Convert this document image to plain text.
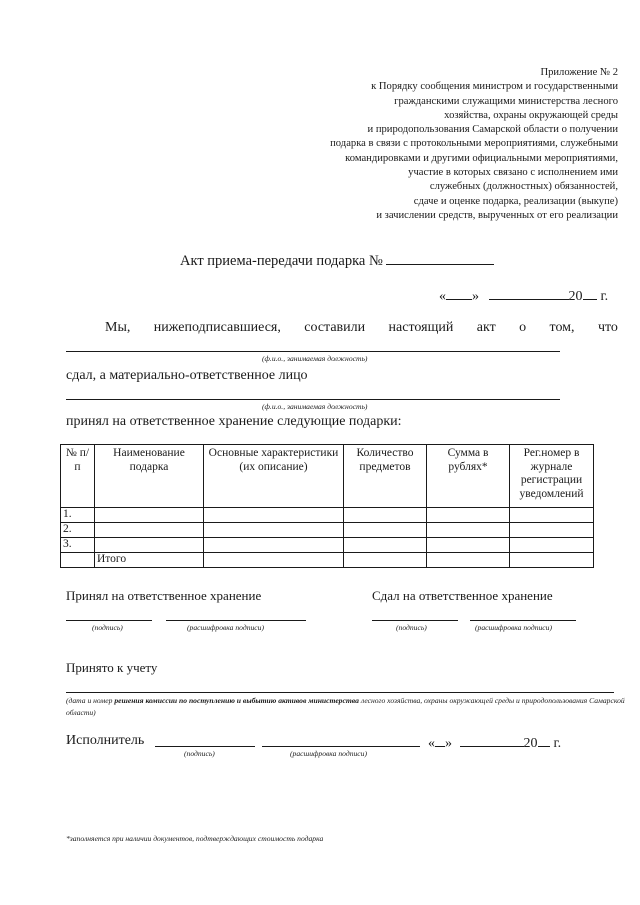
Приложение № 2
к Порядку сообщения министром и государственными
гражданскими служащими министерства лесного
хозяйства, охраны окружающей среды
и природопользования Самарской области о получении
подарка в связи с протокольными мероприятиями, служебными
командировками и другими официальными мероприятиями,
участие в которых связано с исполнением ими
служебных (должностных) обязанностей,
сдаче и оценке подарка, реализации (выкупе)
и зачислении средств, вырученных от его реализации
Акт приема-передачи подарка №
« »	20 г.
Мы, нижеподписавшиеся, составили настоящий акт о том, что
(ф.и.о., занимаемая должность)
сдал, а материально-ответственное лицо
(ф.и.о., занимаемая должность)
принял на ответственное хранение следующие подарки:
№ п/п	Наименование подарка	Основные характеристики (их описание)	Количество предметов	Сумма в рублях*	Рег.номер в журнале регистрации уведомлений
1.					
2.					
3.					
	Итого				
Принял на ответственное хранение	Сдал на ответственное хранение
(подпись)	(расшифровка подписи)	(подпись)	(расшифровка подписи)
Принято к учету
(дата и номер решения комиссии по поступлению и выбытию активов министерства лесного хозяйства, охраны окружающей среды и природопользования Самарской области)
Исполнитель	« »	20 г.
(подпись)	(расшифровка подписи)
*заполняется при наличии документов, подтверждающих стоимость подарка
